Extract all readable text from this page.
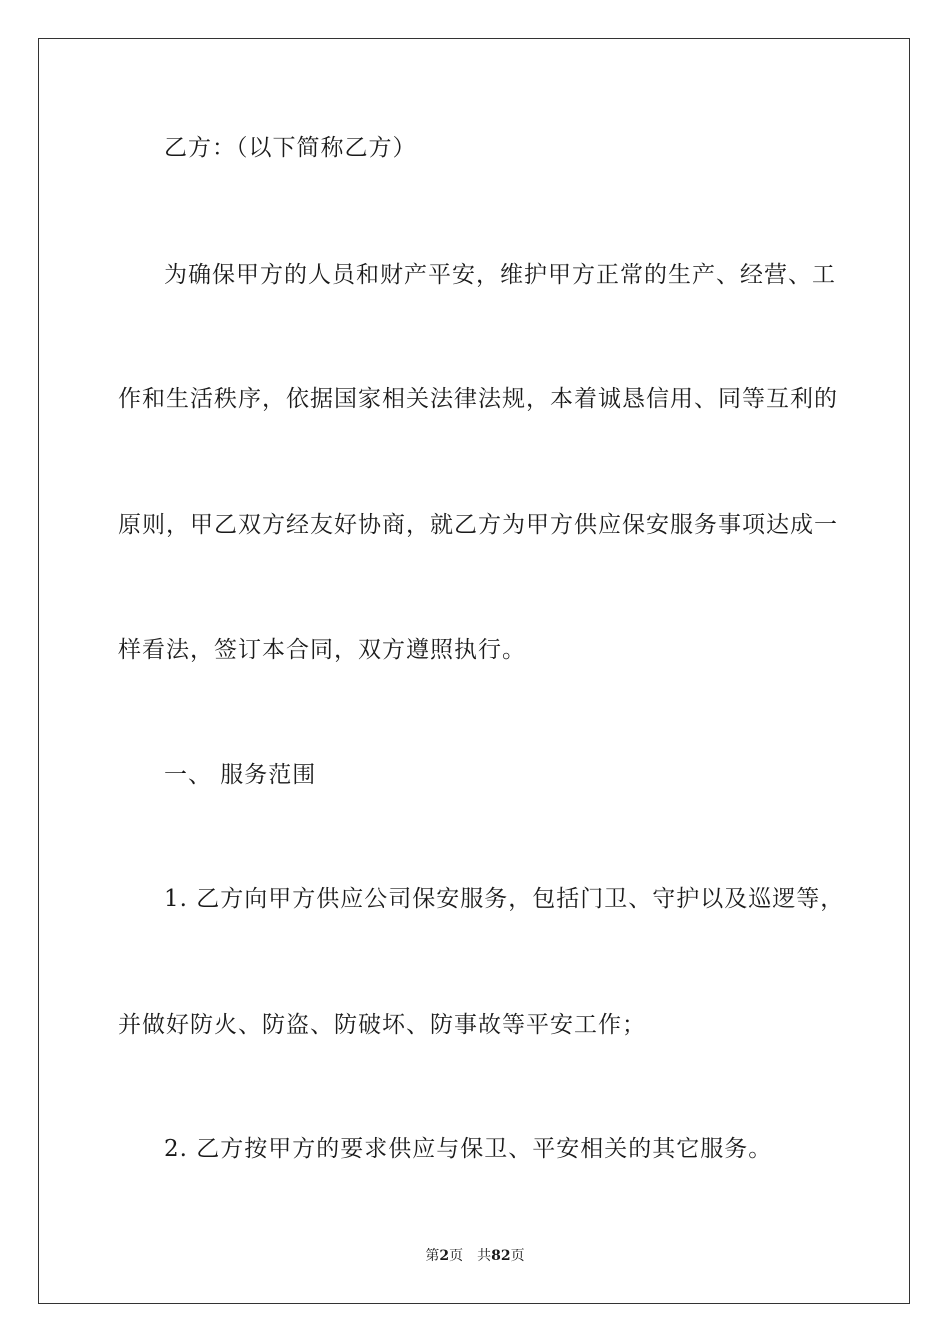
乙方：（以下简称乙方）
为确保甲方的人员和财产平安，维护甲方正常的生产、经营、工
作和生活秩序，依据国家相关法律法规，本着诚恳信用、同等互利的
原则，甲乙双方经友好协商，就乙方为甲方供应保安服务事项达成一
样看法，签订本合同，双方遵照执行。
一、 服务范围
1. 乙方向甲方供应公司保安服务，包括门卫、守护以及巡逻等，
并做好防火、防盗、防破坏、防事故等平安工作；
2. 乙方按甲方的要求供应与保卫、平安相关的其它服务。
第2页 共82页
